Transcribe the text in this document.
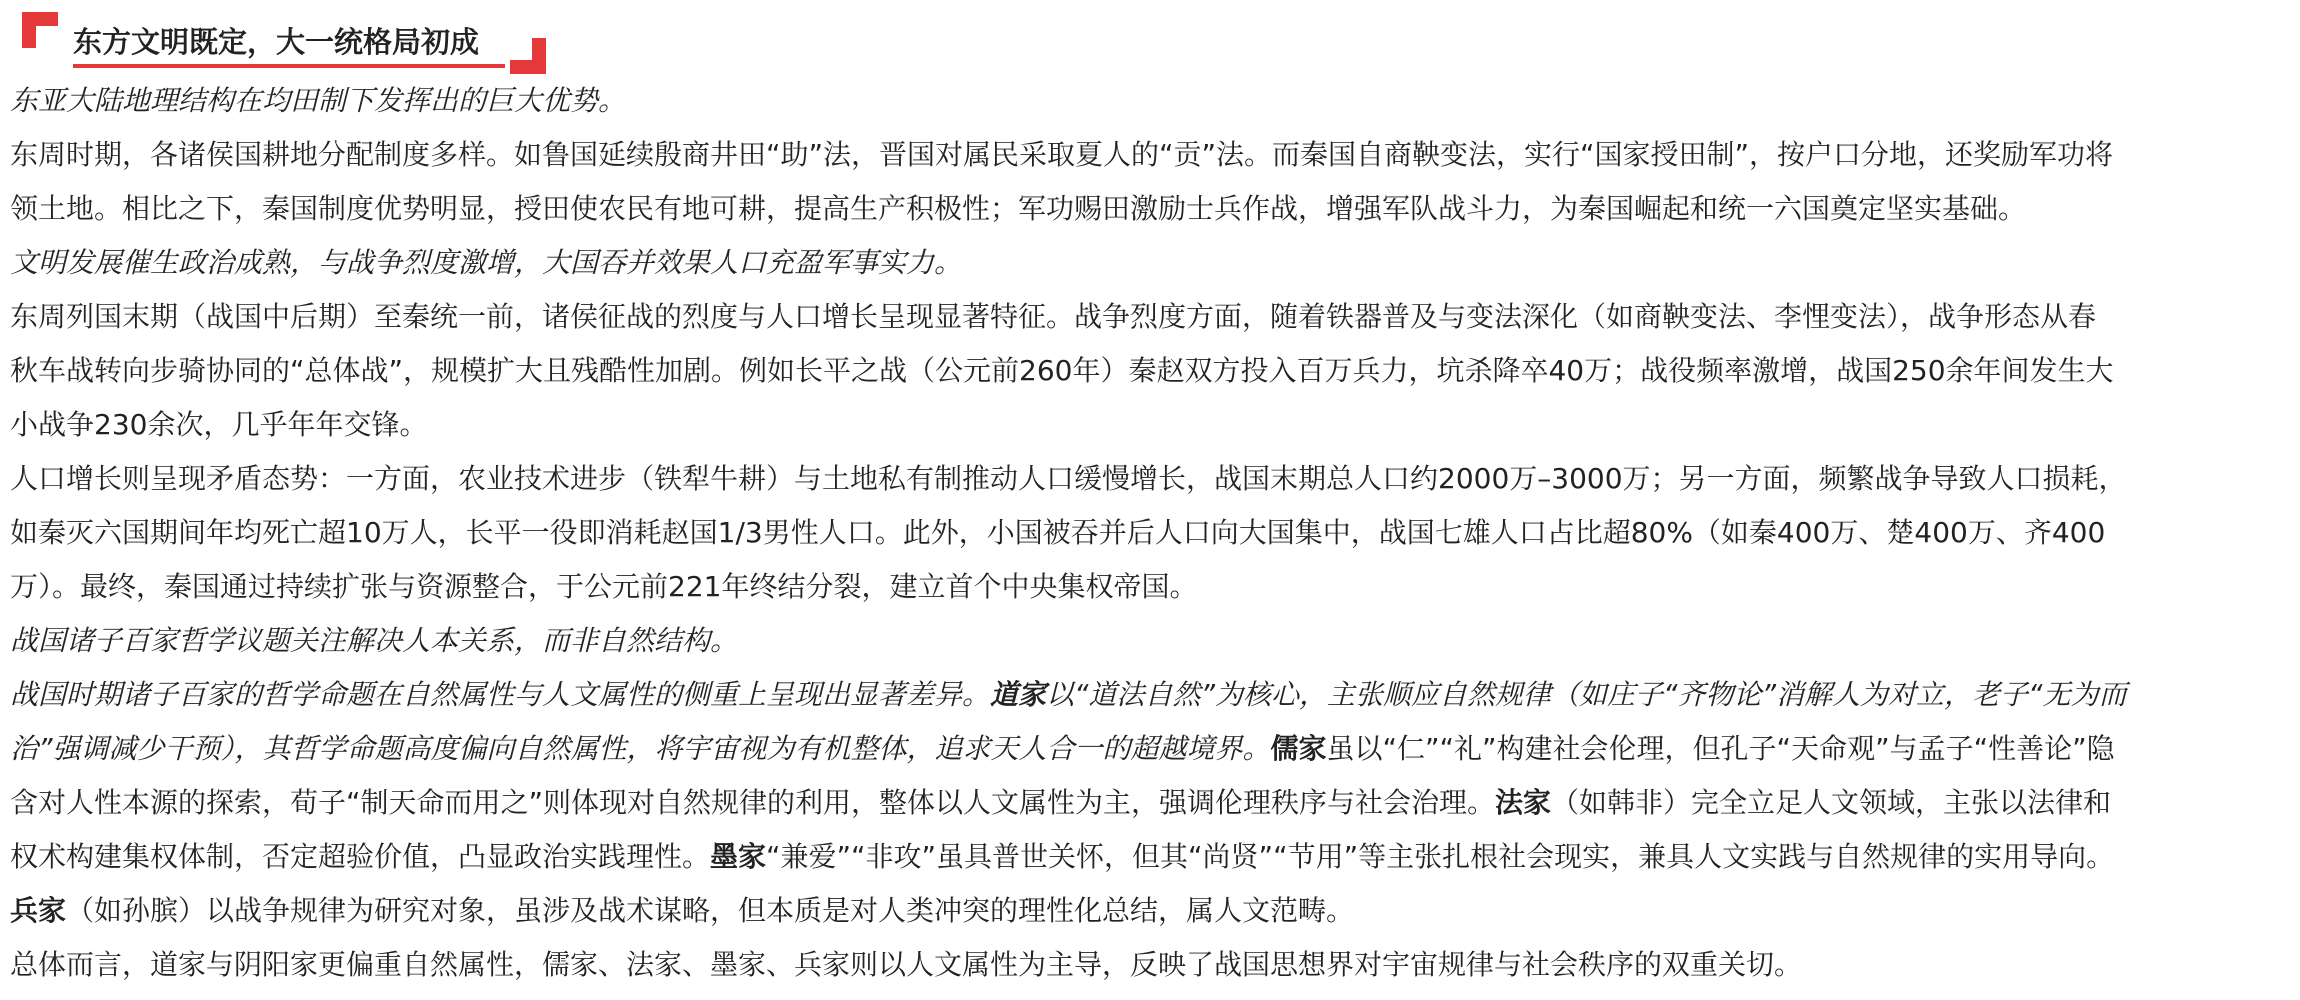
东方文明既定，大一统格局初成

东亚大陆地理结构在均田制下发挥出的巨大优势。

东周时期，各诸侯国耕地分配制度多样。如鲁国延续殷商井田“助”法，晋国对属民采取夏人的“贡”法。而秦国自商鞅变法，实行“国家授田制”，按户口分地，还奖励军功将

领土地。相比之下，秦国制度优势明显，授田使农民有地可耕，提高生产积极性；军功赐田激励士兵作战，增强军队战斗力，为秦国崛起和统一六国奠定坚实基础。

文明发展催生政治成熟，与战争烈度激增，大国吞并效果人口充盈军事实力。

东周列国末期（战国中后期）至秦统一前，诸侯征战的烈度与人口增长呈现显著特征。战争烈度方面，随着铁器普及与变法深化（如商鞅变法、李悝变法），战争形态从春

秋车战转向步骑协同的“总体战”，规模扩大且残酷性加剧。例如长平之战（公元前260年）秦赵双方投入百万兵力，坑杀降卒40万；战役频率激增，战国250余年间发生大

小战争230余次，几乎年年交锋。

人口增长则呈现矛盾态势：一方面，农业技术进步（铁犁牛耕）与土地私有制推动人口缓慢增长，战国末期总人口约2000万–3000万；另一方面，频繁战争导致人口损耗，

如秦灭六国期间年均死亡超10万人，长平一役即消耗赵国1/3男性人口。此外，小国被吞并后人口向大国集中，战国七雄人口占比超80%（如秦400万、楚400万、齐400

万）。最终，秦国通过持续扩张与资源整合，于公元前221年终结分裂，建立首个中央集权帝国。

战国诸子百家哲学议题关注解决人本关系，而非自然结构。

战国时期诸子百家的哲学命题在自然属性与人文属性的侧重上呈现出显著差异。道家以“道法自然”为核心，主张顺应自然规律（如庄子“齐物论”消解人为对立，老子“无为而

治”强调减少干预），其哲学命题高度偏向自然属性，将宇宙视为有机整体，追求天人合一的超越境界。儒家虽以“仁”“礼”构建社会伦理，但孔子“天命观”与孟子“性善论”隐

含对人性本源的探索，荀子“制天命而用之”则体现对自然规律的利用，整体以人文属性为主，强调伦理秩序与社会治理。法家（如韩非）完全立足人文领域，主张以法律和

权术构建集权体制，否定超验价值，凸显政治实践理性。墨家“兼爱”“非攻”虽具普世关怀，但其“尚贤”“节用”等主张扎根社会现实，兼具人文实践与自然规律的实用导向。

兵家（如孙膑）以战争规律为研究对象，虽涉及战术谋略，但本质是对人类冲突的理性化总结，属人文范畴。

总体而言，道家与阴阳家更偏重自然属性，儒家、法家、墨家、兵家则以人文属性为主导，反映了战国思想界对宇宙规律与社会秩序的双重关切。
